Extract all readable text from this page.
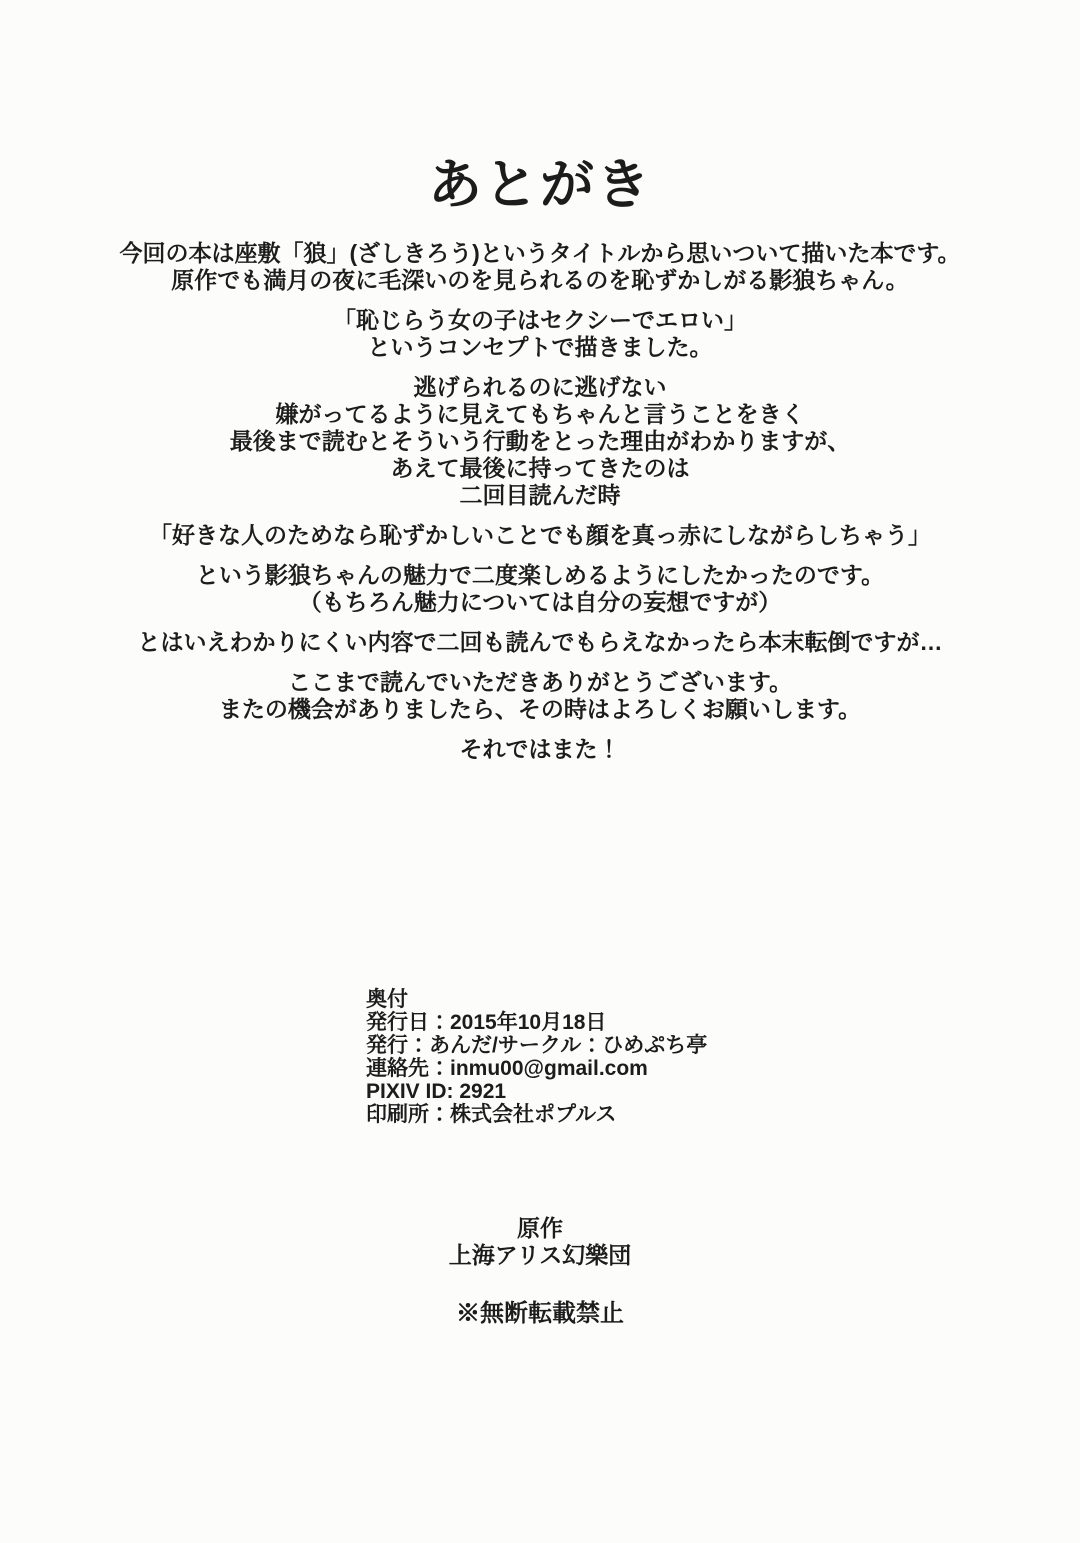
あとがき

今回の本は座敷「狼」(ざしきろう)というタイトルから思いついて描いた本です。
原作でも満月の夜に毛深いのを見られるのを恥ずかしがる影狼ちゃん。

「恥じらう女の子はセクシーでエロい」
というコンセプトで描きました。

逃げられるのに逃げない
嫌がってるように見えてもちゃんと言うことをきく
最後まで読むとそういう行動をとった理由がわかりますが、
あえて最後に持ってきたのは
二回目読んだ時

「好きな人のためなら恥ずかしいことでも顔を真っ赤にしながらしちゃう」

という影狼ちゃんの魅力で二度楽しめるようにしたかったのです。
（もちろん魅力については自分の妄想ですが）

とはいえわかりにくい内容で二回も読んでもらえなかったら本末転倒ですが…

ここまで読んでいただきありがとうございます。
またの機会がありましたら、その時はよろしくお願いします。

それではまた！

奥付
発行日：2015年10月18日
発行：あんだ/サークル：ひめぷち亭
連絡先：inmu00@gmail.com
PIXIV ID: 2921
印刷所：株式会社ポプルス
原作
上海アリス幻樂団
※無断転載禁止
